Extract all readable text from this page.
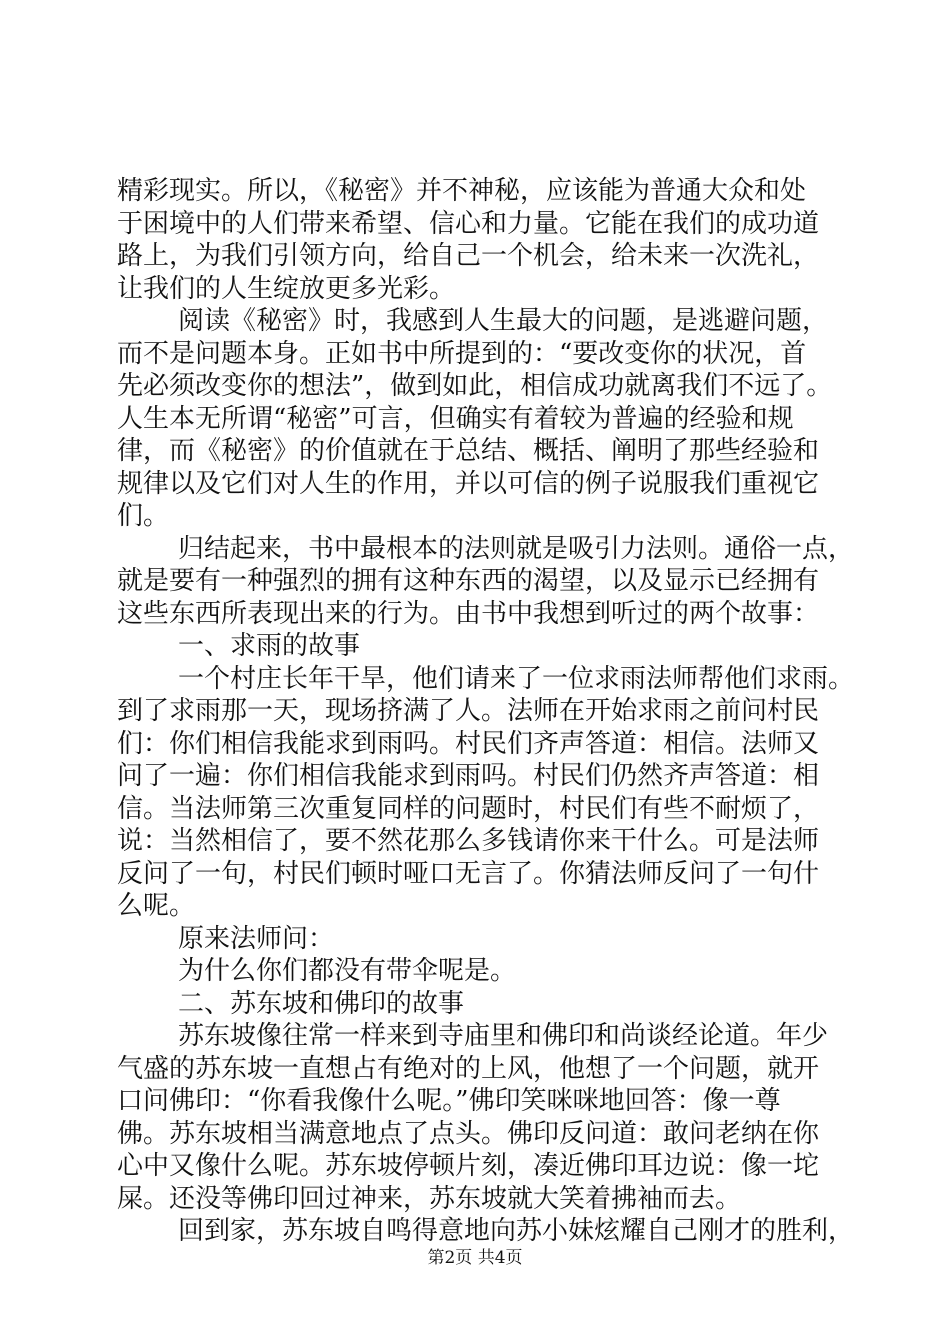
精彩现实。所以，《秘密》并不神秘，应该能为普通大众和处
于困境中的人们带来希望、信心和力量。它能在我们的成功道
路上，为我们引领方向，给自己一个机会，给未来一次洗礼，
让我们的人生绽放更多光彩。
阅读《秘密》时，我感到人生最大的问题，是逃避问题，
而不是问题本身。正如书中所提到的：“要改变你的状况，首
先必须改变你的想法”，做到如此，相信成功就离我们不远了。
人生本无所谓“秘密”可言，但确实有着较为普遍的经验和规
律，而《秘密》的价值就在于总结、概括、阐明了那些经验和
规律以及它们对人生的作用，并以可信的例子说服我们重视它
们。
归结起来，书中最根本的法则就是吸引力法则。通俗一点，
就是要有一种强烈的拥有这种东西的渴望，以及显示已经拥有
这些东西所表现出来的行为。由书中我想到听过的两个故事：
一、求雨的故事
一个村庄长年干旱，他们请来了一位求雨法师帮他们求雨。
到了求雨那一天，现场挤满了人。法师在开始求雨之前问村民
们：你们相信我能求到雨吗。村民们齐声答道：相信。法师又
问了一遍：你们相信我能求到雨吗。村民们仍然齐声答道：相
信。当法师第三次重复同样的问题时，村民们有些不耐烦了，
说：当然相信了，要不然花那么多钱请你来干什么。可是法师
反问了一句，村民们顿时哑口无言了。你猜法师反问了一句什
么呢。
原来法师问：
为什么你们都没有带伞呢是。
二、苏东坡和佛印的故事
苏东坡像往常一样来到寺庙里和佛印和尚谈经论道。年少
气盛的苏东坡一直想占有绝对的上风，他想了一个问题，就开
口问佛印：“你看我像什么呢。”佛印笑咪咪地回答：像一尊
佛。苏东坡相当满意地点了点头。佛印反问道：敢问老纳在你
心中又像什么呢。苏东坡停顿片刻，凑近佛印耳边说：像一坨
屎。还没等佛印回过神来，苏东坡就大笑着拂袖而去。
回到家，苏东坡自鸣得意地向苏小妹炫耀自己刚才的胜利，
第2页 共4页
